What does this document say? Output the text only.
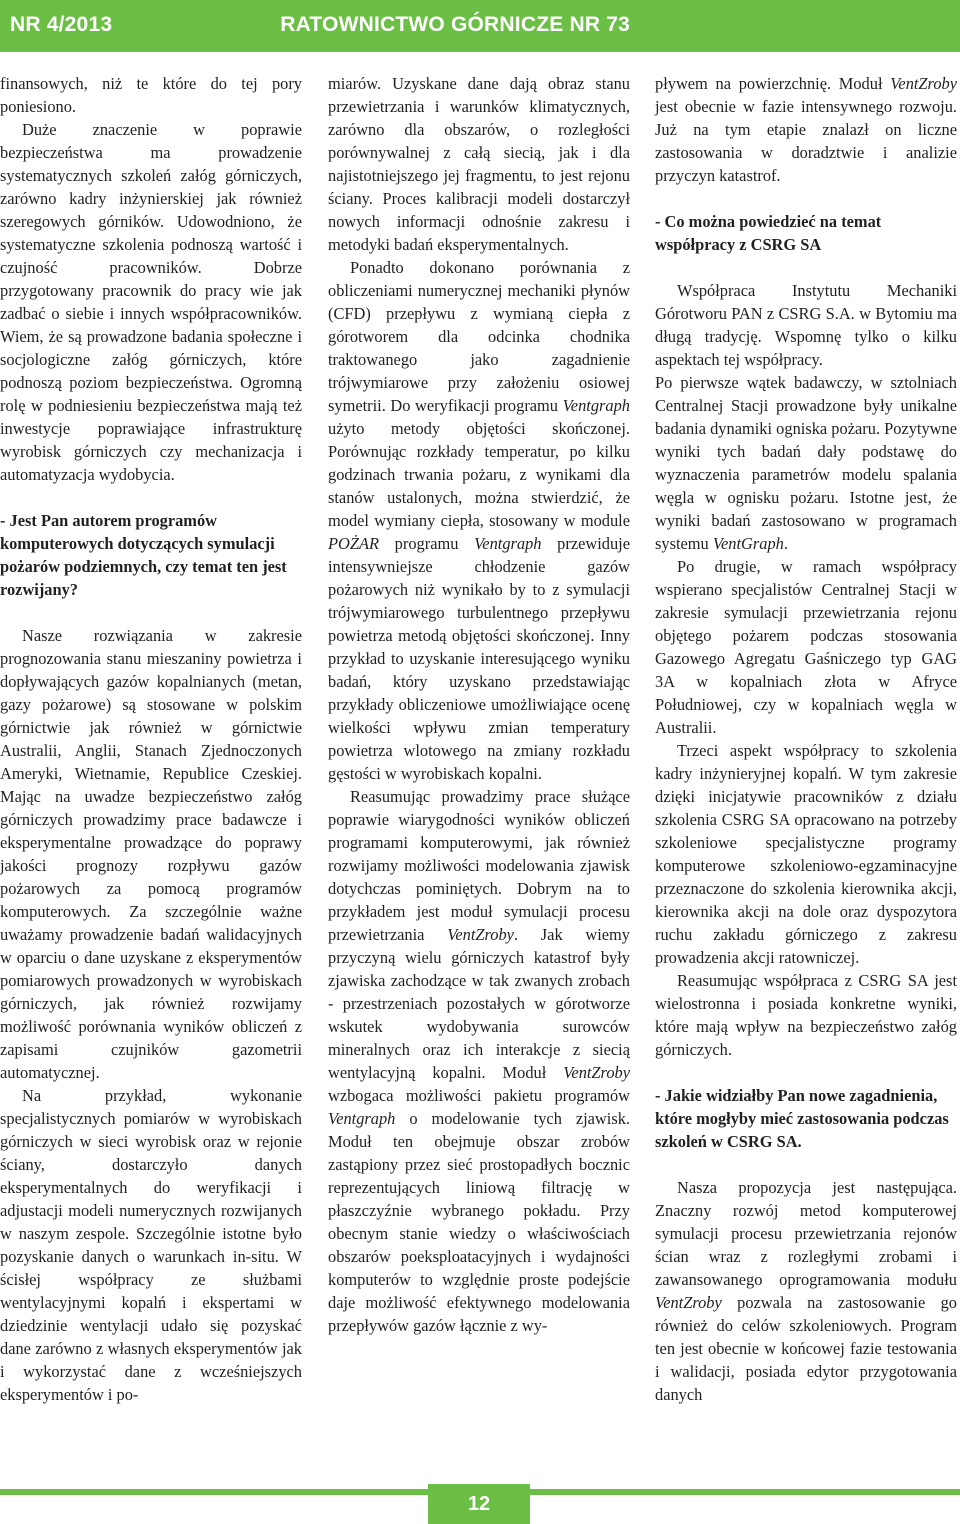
NR 4/2013	RATOWNICTWO GÓRNICZE NR 73

finansowych, niż te które do tej pory poniesiono.

Duże znaczenie w poprawie bezpieczeństwa ma prowadzenie systematycznych szkoleń załóg górniczych, zarówno kadry inżynierskiej jak również szeregowych górników. Udowodniono, że systematyczne szkolenia podnoszą wartość i czujność pracowników. Dobrze przygotowany pracownik do pracy wie jak zadbać o siebie i innych współpracowników. Wiem, że są prowadzone badania społeczne i socjologiczne załóg górniczych, które podnoszą poziom bezpieczeństwa. Ogromną rolę w podniesieniu bezpieczeństwa mają też inwestycje poprawiające infrastrukturę wyrobisk górniczych czy mechanizacja i automatyzacja wydobycia.

- Jest Pan autorem programów komputerowych dotyczących symulacji pożarów podziemnych, czy temat ten jest rozwijany?

Nasze rozwiązania w zakresie prognozowania stanu mieszaniny powietrza i dopływających gazów kopalnianych (metan, gazy pożarowe) są stosowane w polskim górnictwie jak również w górnictwie Australii, Anglii, Stanach Zjednoczonych Ameryki, Wietnamie, Republice Czeskiej. Mając na uwadze bezpieczeństwo załóg górniczych prowadzimy prace badawcze i eksperymentalne prowadzące do poprawy jakości prognozy rozpływu gazów pożarowych za pomocą programów komputerowych. Za szczególnie ważne uważamy prowadzenie badań walidacyjnych w oparciu o dane uzyskane z eksperymentów pomiarowych prowadzonych w wyrobiskach górniczych, jak również rozwijamy możliwość porównania wyników obliczeń z zapisami czujników gazometrii automatycznej.

Na przykład, wykonanie specjalistycznych pomiarów w wyrobiskach górniczych w sieci wyrobisk oraz w rejonie ściany, dostarczyło danych eksperymentalnych do weryfikacji i adjustacji modeli numerycznych rozwijanych w naszym zespole. Szczególnie istotne było pozyskanie danych o warunkach in-situ. W ścisłej współpracy ze służbami wentylacyjnymi kopalń i ekspertami w dziedzinie wentylacji udało się pozyskać dane zarówno z własnych eksperymentów jak i wykorzystać dane z wcześniejszych eksperymentów i po-

miarów. Uzyskane dane dają obraz stanu przewietrzania i warunków klimatycznych, zarówno dla obszarów, o rozległości porównywalnej z całą siecią, jak i dla najistotniejszego jej fragmentu, to jest rejonu ściany. Proces kalibracji modeli dostarczył nowych informacji odnośnie zakresu i metodyki badań eksperymentalnych.

Ponadto dokonano porównania z obliczeniami numerycznej mechaniki płynów (CFD) przepływu z wymianą ciepła z górotworem dla odcinka chodnika traktowanego jako zagadnienie trójwymiarowe przy założeniu osiowej symetrii. Do weryfikacji programu Ventgraph użyto metody objętości skończonej. Porównując rozkłady temperatur, po kilku godzinach trwania pożaru, z wynikami dla stanów ustalonych, można stwierdzić, że model wymiany ciepła, stosowany w module POŻAR programu Ventgraph przewiduje intensywniejsze chłodzenie gazów pożarowych niż wynikało by to z symulacji trójwymiarowego turbulentnego przepływu powietrza metodą objętości skończonej. Inny przykład to uzyskanie interesującego wyniku badań, który uzyskano przedstawiając przykłady obliczeniowe umożliwiające ocenę wielkości wpływu zmian temperatury powietrza wlotowego na zmiany rozkładu gęstości w wyrobiskach kopalni.

Reasumując prowadzimy prace służące poprawie wiarygodności wyników obliczeń programami komputerowymi, jak również rozwijamy możliwości modelowania zjawisk dotychczas pominiętych. Dobrym na to przykładem jest moduł symulacji procesu przewietrzania VentZroby. Jak wiemy przyczyną wielu górniczych katastrof były zjawiska zachodzące w tak zwanych zrobach - przestrzeniach pozostałych w górotworze wskutek wydobywania surowców mineralnych oraz ich interakcje z siecią wentylacyjną kopalni. Moduł VentZroby wzbogaca możliwości pakietu programów Ventgraph o modelowanie tych zjawisk. Moduł ten obejmuje obszar zrobów zastąpiony przez sieć prostopadłych bocznic reprezentujących liniową filtrację w płaszczyźnie wybranego pokładu. Przy obecnym stanie wiedzy o właściwościach obszarów poeksploatacyjnych i wydajności komputerów to względnie proste podejście daje możliwość efektywnego modelowania przepływów gazów łącznie z wy-

pływem na powierzchnię. Moduł VentZroby jest obecnie w fazie intensywnego rozwoju. Już na tym etapie znalazł on liczne zastosowania w doradztwie i analizie przyczyn katastrof.

- Co można powiedzieć na temat współpracy z CSRG SA

Współpraca Instytutu Mechaniki Górotworu PAN z CSRG S.A. w Bytomiu ma długą tradycję. Wspomnę tylko o kilku aspektach tej współpracy.

Po pierwsze wątek badawczy, w sztolniach Centralnej Stacji prowadzone były unikalne badania dynamiki ogniska pożaru. Pozytywne wyniki tych badań dały podstawę do wyznaczenia parametrów modelu spalania węgla w ognisku pożaru. Istotne jest, że wyniki badań zastosowano w programach systemu VentGraph.

Po drugie, w ramach współpracy wspierano specjalistów Centralnej Stacji w zakresie symulacji przewietrzania rejonu objętego pożarem podczas stosowania Gazowego Agregatu Gaśniczego typ GAG 3A w kopalniach złota w Afryce Południowej, czy w kopalniach węgla w Australii.

Trzeci aspekt współpracy to szkolenia kadry inżynieryjnej kopalń. W tym zakresie dzięki inicjatywie pracowników z działu szkolenia CSRG SA opracowano na potrzeby szkoleniowe specjalistyczne programy komputerowe szkoleniowo-egzaminacyjne przeznaczone do szkolenia kierownika akcji, kierownika akcji na dole oraz dyspozytora ruchu zakładu górniczego z zakresu prowadzenia akcji ratowniczej.

Reasumując współpraca z CSRG SA jest wielostronna i posiada konkretne wyniki, które mają wpływ na bezpieczeństwo załóg górniczych.

- Jakie widziałby Pan nowe zagadnienia, które mogłyby mieć zastosowania podczas szkoleń w CSRG SA.

Nasza propozycja jest następująca. Znaczny rozwój metod komputerowej symulacji procesu przewietrzania rejonów ścian wraz z rozległymi zrobami i zawansowanego oprogramowania modułu VentZroby pozwala na zastosowanie go również do celów szkoleniowych. Program ten jest obecnie w końcowej fazie testowania i walidacji, posiada edytor przygotowania danych

12
